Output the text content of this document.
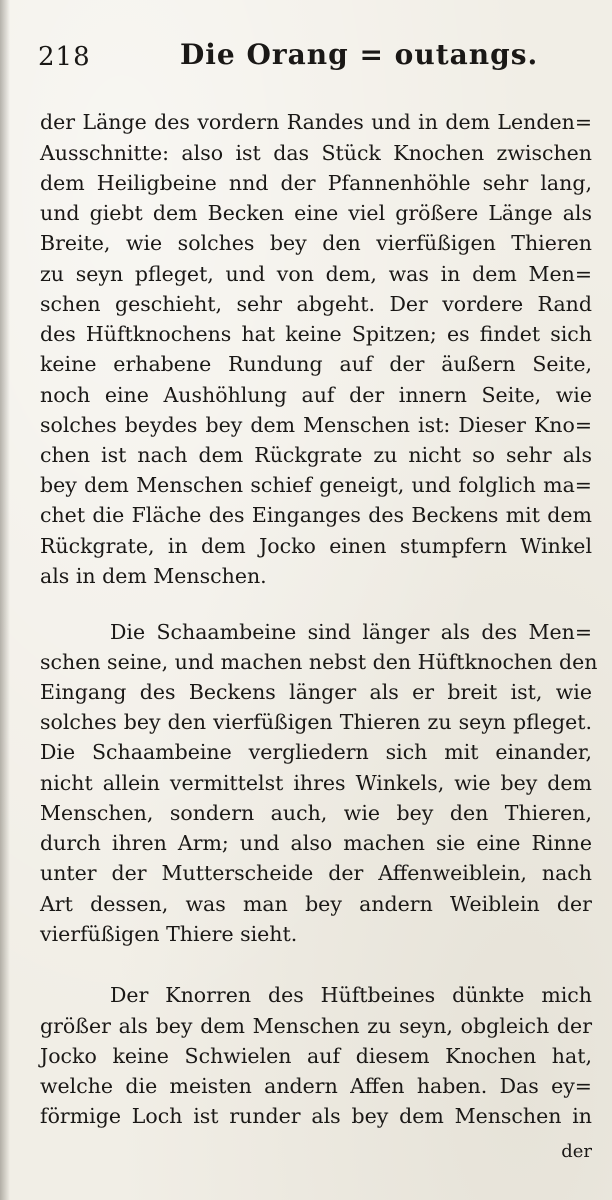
218	Die Orang = outangs.

der Länge des vordern Randes und in dem Lenden=

Ausschnitte: also ist das Stück Knochen zwischen

dem Heiligbeine nnd der Pfannenhöhle sehr lang,

und giebt dem Becken eine viel größere Länge als

Breite, wie solches bey den vierfüßigen Thieren

zu seyn pfleget, und von dem, was in dem Men=

schen geschieht, sehr abgeht. Der vordere Rand

des Hüftknochens hat keine Spitzen; es findet sich

keine erhabene Rundung auf der äußern Seite,

noch eine Aushöhlung auf der innern Seite, wie

solches beydes bey dem Menschen ist: Dieser Kno=

chen ist nach dem Rückgrate zu nicht so sehr als

bey dem Menschen schief geneigt, und folglich ma=

chet die Fläche des Einganges des Beckens mit dem

Rückgrate, in dem Jocko einen stumpfern Winkel

als in dem Menschen.

Die Schaambeine sind länger als des Men=

schen seine, und machen nebst den Hüftknochen den

Eingang des Beckens länger als er breit ist, wie

solches bey den vierfüßigen Thieren zu seyn pfleget.

Die Schaambeine vergliedern sich mit einander,

nicht allein vermittelst ihres Winkels, wie bey dem

Menschen, sondern auch, wie bey den Thieren,

durch ihren Arm; und also machen sie eine Rinne

unter der Mutterscheide der Affenweiblein, nach

Art dessen, was man bey andern Weiblein der

vierfüßigen Thiere sieht.

Der Knorren des Hüftbeines dünkte mich

größer als bey dem Menschen zu seyn, obgleich der

Jocko keine Schwielen auf diesem Knochen hat,

welche die meisten andern Affen haben. Das ey=

förmige Loch ist runder als bey dem Menschen in

der
